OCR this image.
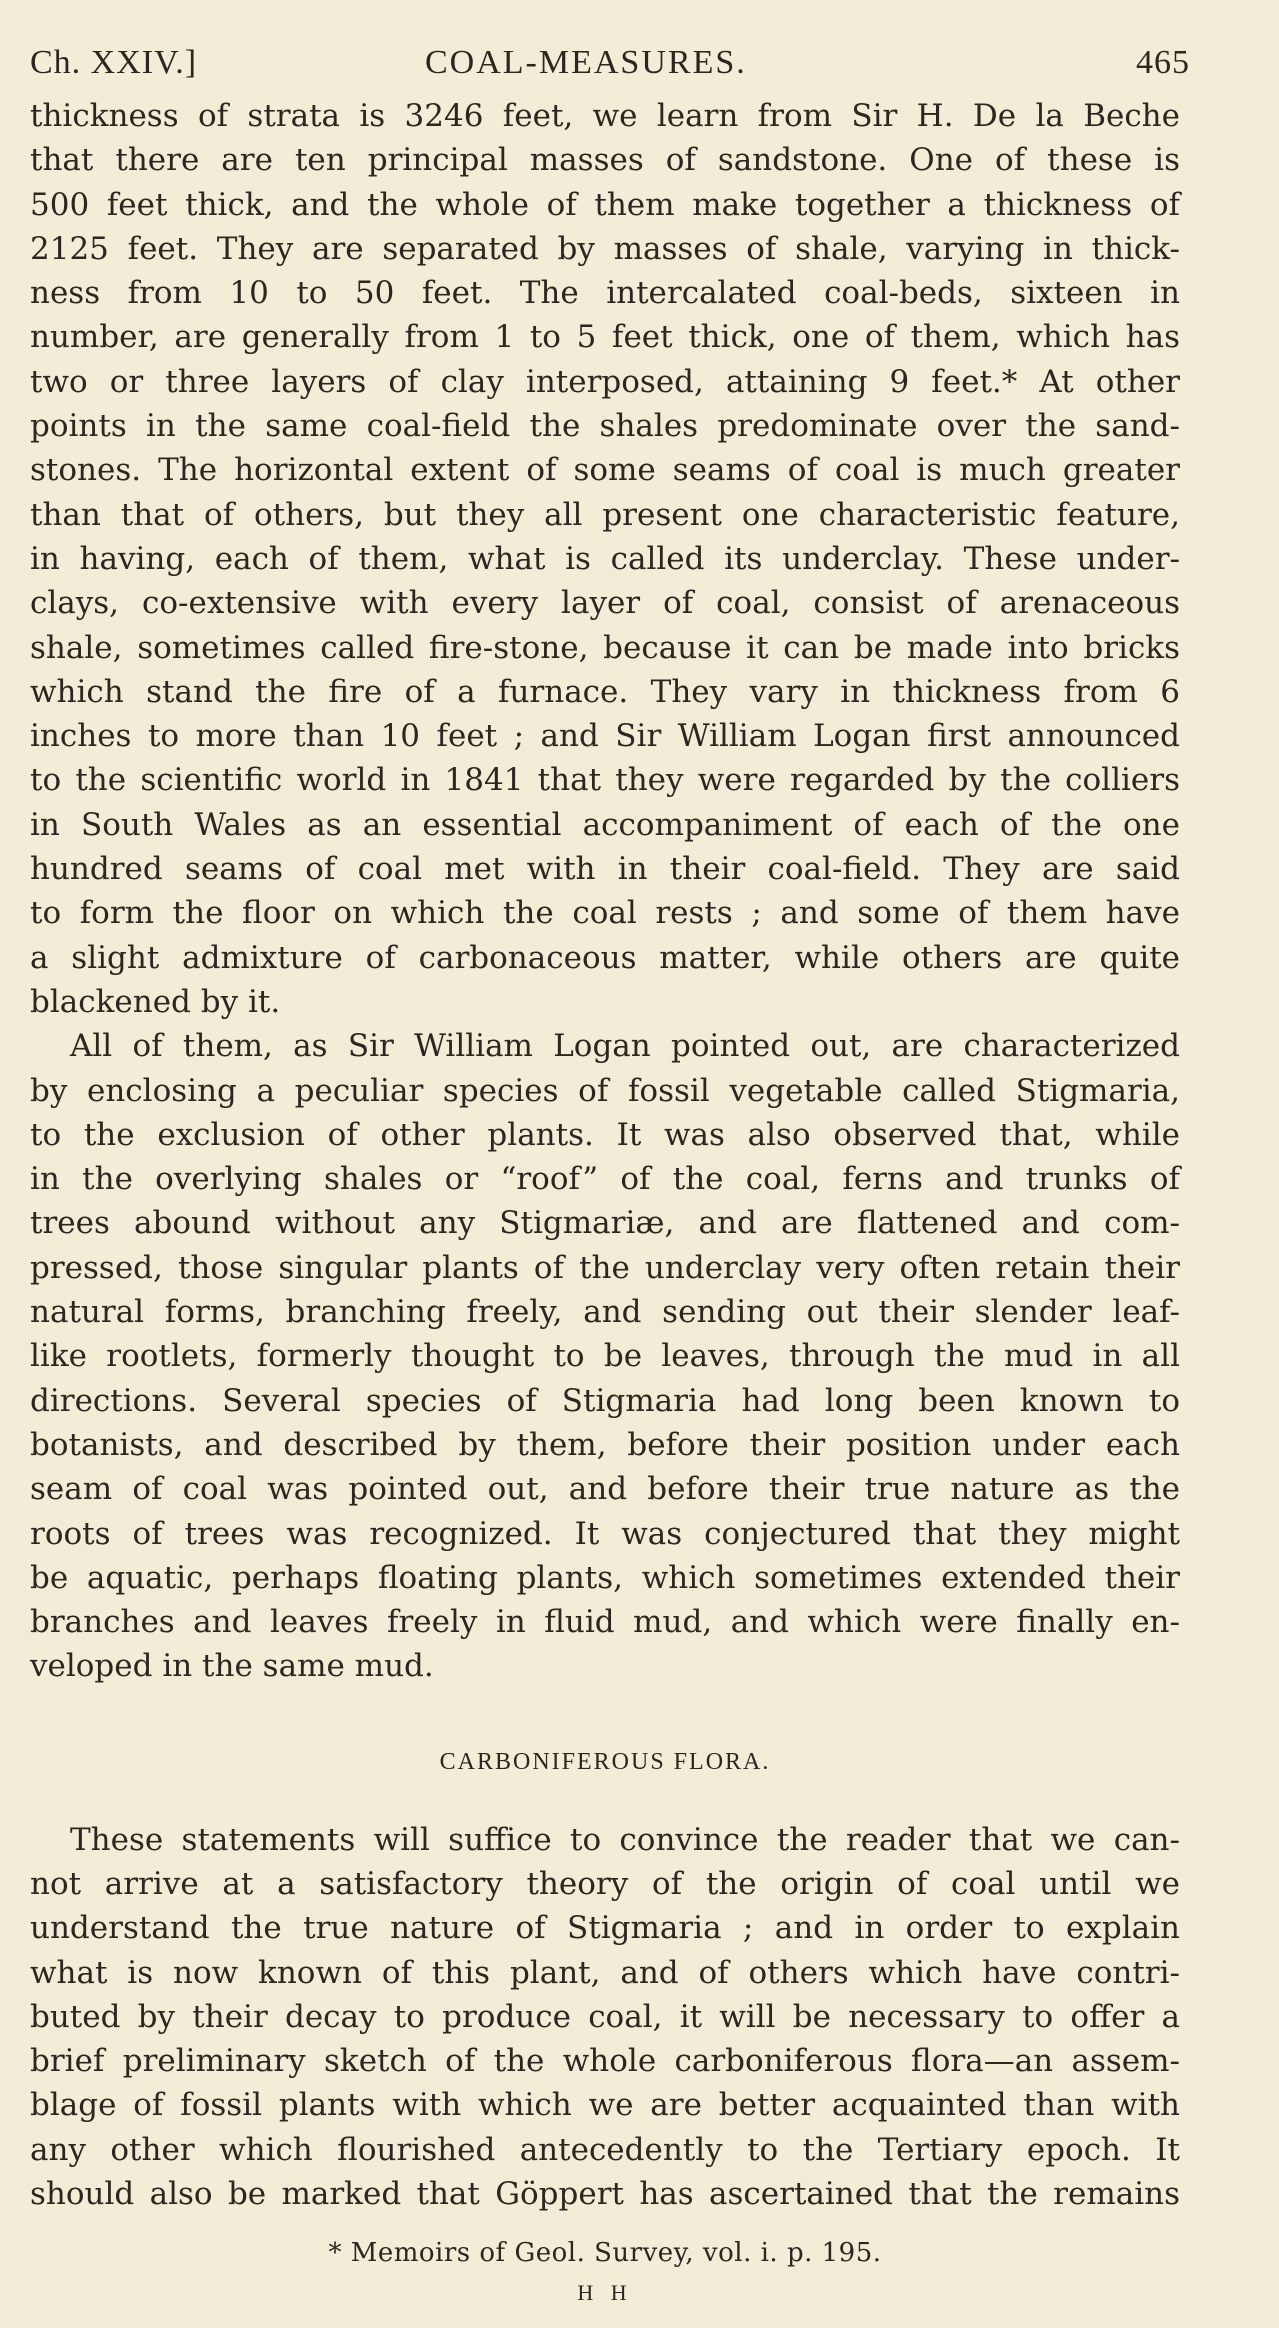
Ch. XXIV.]	COAL-MEASURES.	465
thickness of strata is 3246 feet, we learn from Sir H. De la Beche
that there are ten principal masses of sandstone. One of these is
500 feet thick, and the whole of them make together a thickness of
2125 feet. They are separated by masses of shale, varying in thick-
ness from 10 to 50 feet. The intercalated coal-beds, sixteen in
number, are generally from 1 to 5 feet thick, one of them, which has
two or three layers of clay interposed, attaining 9 feet.* At other
points in the same coal-field the shales predominate over the sand-
stones. The horizontal extent of some seams of coal is much greater
than that of others, but they all present one characteristic feature,
in having, each of them, what is called its underclay. These under-
clays, co-extensive with every layer of coal, consist of arenaceous
shale, sometimes called fire-stone, because it can be made into bricks
which stand the fire of a furnace. They vary in thickness from 6
inches to more than 10 feet ; and Sir William Logan first announced
to the scientific world in 1841 that they were regarded by the colliers
in South Wales as an essential accompaniment of each of the one
hundred seams of coal met with in their coal-field. They are said
to form the floor on which the coal rests ; and some of them have
a slight admixture of carbonaceous matter, while others are quite
blackened by it.
All of them, as Sir William Logan pointed out, are characterized
by enclosing a peculiar species of fossil vegetable called Stigmaria,
to the exclusion of other plants. It was also observed that, while
in the overlying shales or “roof” of the coal, ferns and trunks of
trees abound without any Stigmariæ, and are flattened and com-
pressed, those singular plants of the underclay very often retain their
natural forms, branching freely, and sending out their slender leaf-
like rootlets, formerly thought to be leaves, through the mud in all
directions. Several species of Stigmaria had long been known to
botanists, and described by them, before their position under each
seam of coal was pointed out, and before their true nature as the
roots of trees was recognized. It was conjectured that they might
be aquatic, perhaps floating plants, which sometimes extended their
branches and leaves freely in fluid mud, and which were finally en-
veloped in the same mud.
CARBONIFEROUS FLORA.
These statements will suffice to convince the reader that we can-
not arrive at a satisfactory theory of the origin of coal until we
understand the true nature of Stigmaria ; and in order to explain
what is now known of this plant, and of others which have contri-
buted by their decay to produce coal, it will be necessary to offer a
brief preliminary sketch of the whole carboniferous flora—an assem-
blage of fossil plants with which we are better acquainted than with
any other which flourished antecedently to the Tertiary epoch. It
should also be marked that Göppert has ascertained that the remains
* Memoirs of Geol. Survey, vol. i. p. 195.
H H
